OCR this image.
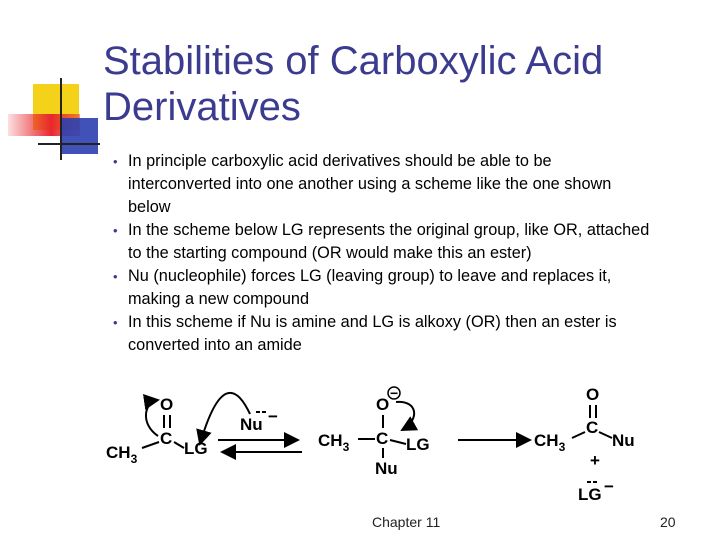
Stabilities of Carboxylic Acid
Derivatives
• In principle carboxylic acid derivatives should be able to be interconverted into one another using a scheme like the one shown below
• In the scheme below LG represents the original group, like OR, attached to the starting compound (OR would make this an ester)
• Nu (nucleophile) forces LG (leaving group) to leave and replaces it, making a new compound
• In this scheme if Nu is amine and LG is alkoxy (OR) then an ester is converted into an amide
O
C
$CH_3$
LG
Nu −
O
−
C
$CH_3$	LG
Nu
O
C
$CH_3$	Nu
+
LG −
Chapter 11	20
